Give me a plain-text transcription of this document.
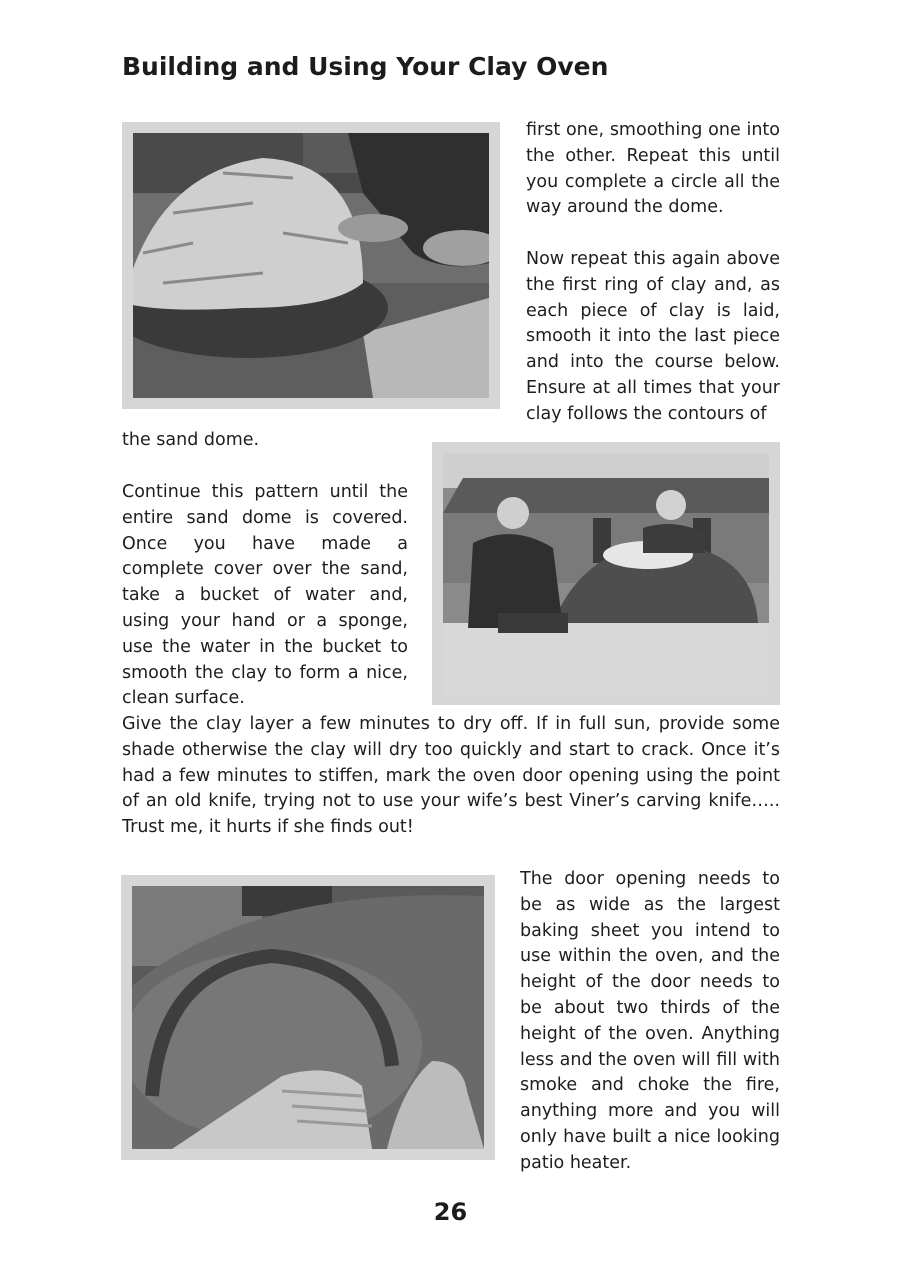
Building and Using Your Clay Oven

first one, smoothing one into the other. Repeat this until you complete a circle all the way around the dome.

Now repeat this again above the first ring of clay and, as each piece of clay is laid, smooth it into the last piece and into the course below. Ensure at all times that your clay follows the contours of

the sand dome.

Continue this pattern until the entire sand dome is covered. Once you have made a complete cover over the sand, take a bucket of water and, using your hand or a sponge, use the water in the bucket to smooth the clay to form a nice, clean surface.

Give the clay layer a few minutes to dry off. If in full sun, provide some shade otherwise the clay will dry too quickly and start to crack. Once it’s had a few minutes to stiffen, mark the oven door opening using the point of an old knife, trying not to use your wife’s best Viner’s carving knife….. Trust me, it hurts if she finds out!

The door opening needs to be as wide as the largest baking sheet you intend to use within the oven, and the height of the door needs to be about two thirds of the height of the oven. Anything less and the oven will fill with smoke and choke the fire, anything more and you will only have built a nice looking patio heater.

26
